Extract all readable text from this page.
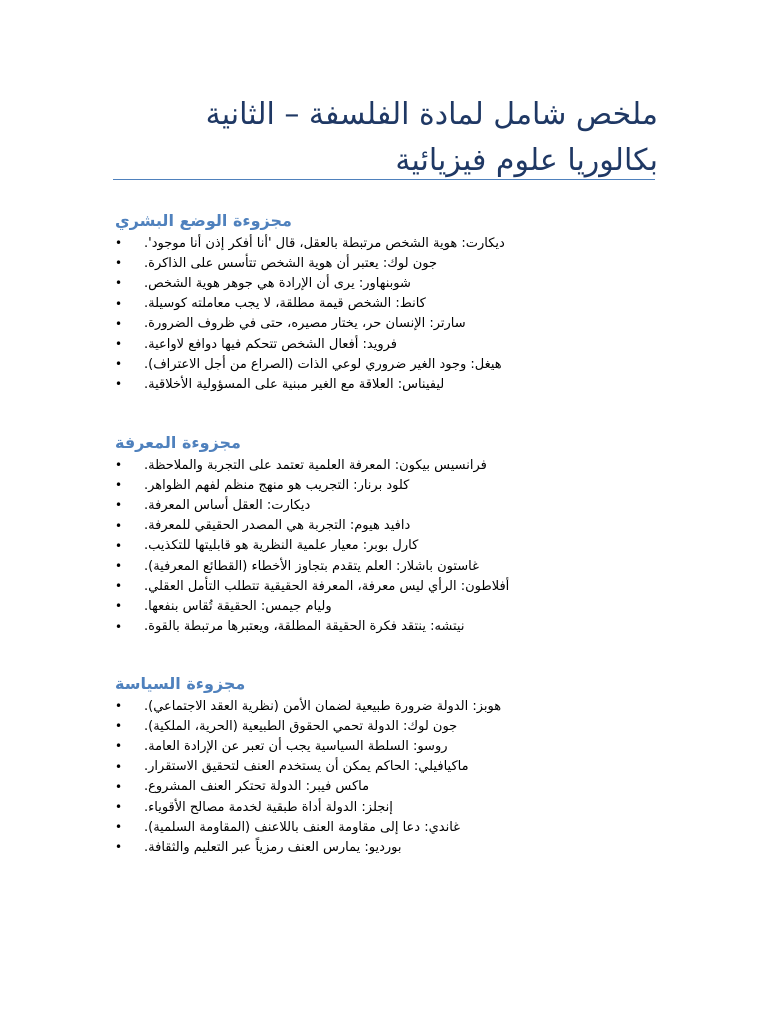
ملخص شامل لمادة الفلسفة – الثانية بكالوريا علوم فيزيائية
مجزوءة الوضع البشري
•	ديكارت: هوية الشخص مرتبطة بالعقل، قال 'أنا أفكر إذن أنا موجود'.
•	جون لوك: يعتبر أن هوية الشخص تتأسس على الذاكرة.
•	شوبنهاور: يرى أن الإرادة هي جوهر هوية الشخص.
•	كانط: الشخص قيمة مطلقة، لا يجب معاملته كوسيلة.
•	سارتر: الإنسان حر، يختار مصيره، حتى في ظروف الضرورة.
•	فرويد: أفعال الشخص تتحكم فيها دوافع لاواعية.
•	هيغل: وجود الغير ضروري لوعي الذات (الصراع من أجل الاعتراف).
•	ليفيناس: العلاقة مع الغير مبنية على المسؤولية الأخلاقية.
مجزوءة المعرفة
•	فرانسيس بيكون: المعرفة العلمية تعتمد على التجربة والملاحظة.
•	كلود برنار: التجريب هو منهج منظم لفهم الظواهر.
•	ديكارت: العقل أساس المعرفة.
•	دافيد هيوم: التجربة هي المصدر الحقيقي للمعرفة.
•	كارل بوبر: معيار علمية النظرية هو قابليتها للتكذيب.
•	غاستون باشلار: العلم يتقدم بتجاوز الأخطاء (القطائع المعرفية).
•	أفلاطون: الرأي ليس معرفة، المعرفة الحقيقية تتطلب التأمل العقلي.
•	وليام جيمس: الحقيقة تُقاس بنفعها.
•	نيتشه: ينتقد فكرة الحقيقة المطلقة، ويعتبرها مرتبطة بالقوة.
مجزوءة السياسة
•	هوبز: الدولة ضرورة طبيعية لضمان الأمن (نظرية العقد الاجتماعي).
•	جون لوك: الدولة تحمي الحقوق الطبيعية (الحرية، الملكية).
•	روسو: السلطة السياسية يجب أن تعبر عن الإرادة العامة.
•	ماكيافيلي: الحاكم يمكن أن يستخدم العنف لتحقيق الاستقرار.
•	ماكس فيبر: الدولة تحتكر العنف المشروع.
•	إنجلز: الدولة أداة طبقية لخدمة مصالح الأقوياء.
•	غاندي: دعا إلى مقاومة العنف باللاعنف (المقاومة السلمية).
•	بورديو: يمارس العنف رمزياً عبر التعليم والثقافة.
